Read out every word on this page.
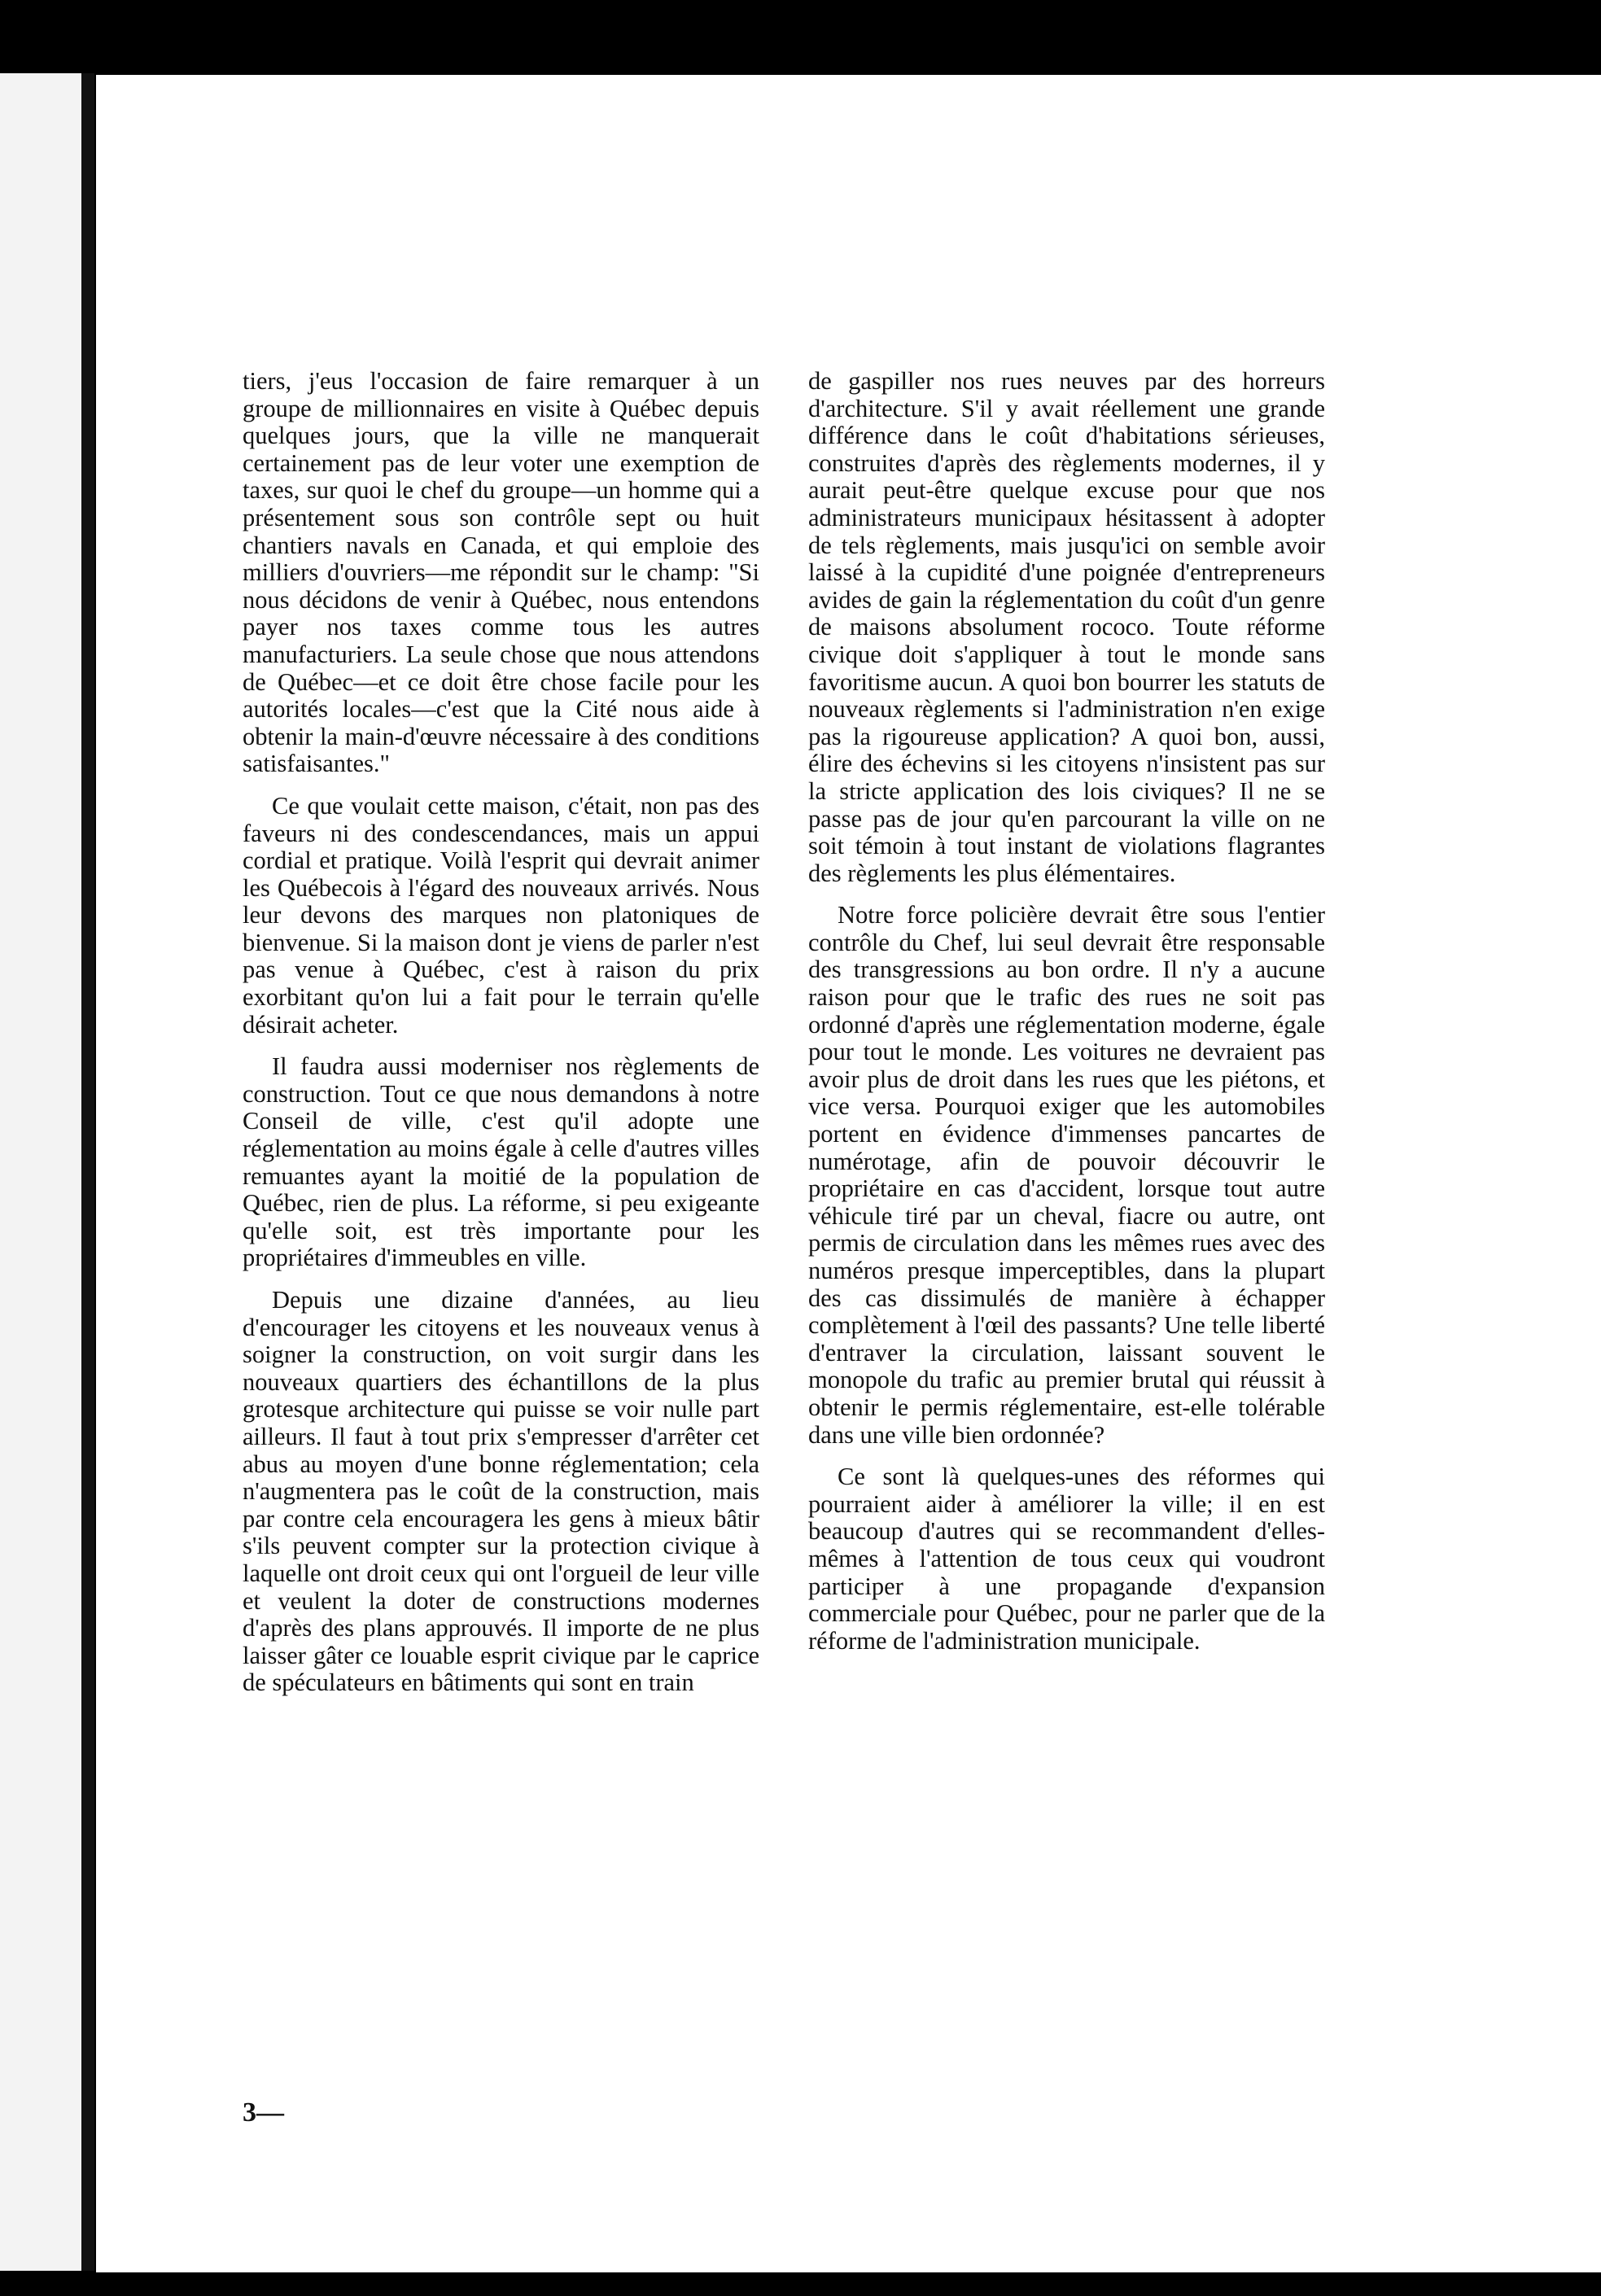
tiers, j'eus l'occasion de faire remarquer à un groupe de millionnaires en visite à Québec depuis quelques jours, que la ville ne manquerait certainement pas de leur voter une exemption de taxes, sur quoi le chef du groupe—un homme qui a présentement sous son contrôle sept ou huit chantiers navals en Canada, et qui emploie des milliers d'ouvriers—me répondit sur le champ: "Si nous décidons de venir à Québec, nous entendons payer nos taxes comme tous les autres manufacturiers. La seule chose que nous attendons de Québec—et ce doit être chose facile pour les autorités locales—c'est que la Cité nous aide à obtenir la main-d'œuvre nécessaire à des conditions satisfaisantes."

Ce que voulait cette maison, c'était, non pas des faveurs ni des condescendances, mais un appui cordial et pratique. Voilà l'esprit qui devrait animer les Québecois à l'égard des nouveaux arrivés. Nous leur devons des marques non platoniques de bienvenue. Si la maison dont je viens de parler n'est pas venue à Québec, c'est à raison du prix exorbitant qu'on lui a fait pour le terrain qu'elle désirait acheter.

Il faudra aussi moderniser nos règlements de construction. Tout ce que nous demandons à notre Conseil de ville, c'est qu'il adopte une réglementation au moins égale à celle d'autres villes remuantes ayant la moitié de la population de Québec, rien de plus. La réforme, si peu exigeante qu'elle soit, est très importante pour les propriétaires d'immeubles en ville.

Depuis une dizaine d'années, au lieu d'encourager les citoyens et les nouveaux venus à soigner la construction, on voit surgir dans les nouveaux quartiers des échantillons de la plus grotesque architecture qui puisse se voir nulle part ailleurs. Il faut à tout prix s'empresser d'arrêter cet abus au moyen d'une bonne réglementation; cela n'augmentera pas le coût de la construction, mais par contre cela encouragera les gens à mieux bâtir s'ils peuvent compter sur la protection civique à laquelle ont droit ceux qui ont l'orgueil de leur ville et veulent la doter de constructions modernes d'après des plans approuvés. Il importe de ne plus laisser gâter ce louable esprit civique par le caprice de spéculateurs en bâtiments qui sont en train

de gaspiller nos rues neuves par des horreurs d'architecture. S'il y avait réellement une grande différence dans le coût d'habitations sérieuses, construites d'après des règlements modernes, il y aurait peut-être quelque excuse pour que nos administrateurs municipaux hésitassent à adopter de tels règlements, mais jusqu'ici on semble avoir laissé à la cupidité d'une poignée d'entrepreneurs avides de gain la réglementation du coût d'un genre de maisons absolument rococo. Toute réforme civique doit s'appliquer à tout le monde sans favoritisme aucun. A quoi bon bourrer les statuts de nouveaux règlements si l'administration n'en exige pas la rigoureuse application? A quoi bon, aussi, élire des échevins si les citoyens n'insistent pas sur la stricte application des lois civiques? Il ne se passe pas de jour qu'en parcourant la ville on ne soit témoin à tout instant de violations flagrantes des règlements les plus élémentaires.

Notre force policière devrait être sous l'entier contrôle du Chef, lui seul devrait être responsable des transgressions au bon ordre. Il n'y a aucune raison pour que le trafic des rues ne soit pas ordonné d'après une réglementation moderne, égale pour tout le monde. Les voitures ne devraient pas avoir plus de droit dans les rues que les piétons, et vice versa. Pourquoi exiger que les automobiles portent en évidence d'immenses pancartes de numérotage, afin de pouvoir découvrir le propriétaire en cas d'accident, lorsque tout autre véhicule tiré par un cheval, fiacre ou autre, ont permis de circulation dans les mêmes rues avec des numéros presque imperceptibles, dans la plupart des cas dissimulés de manière à échapper complètement à l'œil des passants? Une telle liberté d'entraver la circulation, laissant souvent le monopole du trafic au premier brutal qui réussit à obtenir le permis réglementaire, est-elle tolérable dans une ville bien ordonnée?

Ce sont là quelques-unes des réformes qui pourraient aider à améliorer la ville; il en est beaucoup d'autres qui se recommandent d'elles-mêmes à l'attention de tous ceux qui voudront participer à une propagande d'expansion commerciale pour Québec, pour ne parler que de la réforme de l'administration municipale.

3—
